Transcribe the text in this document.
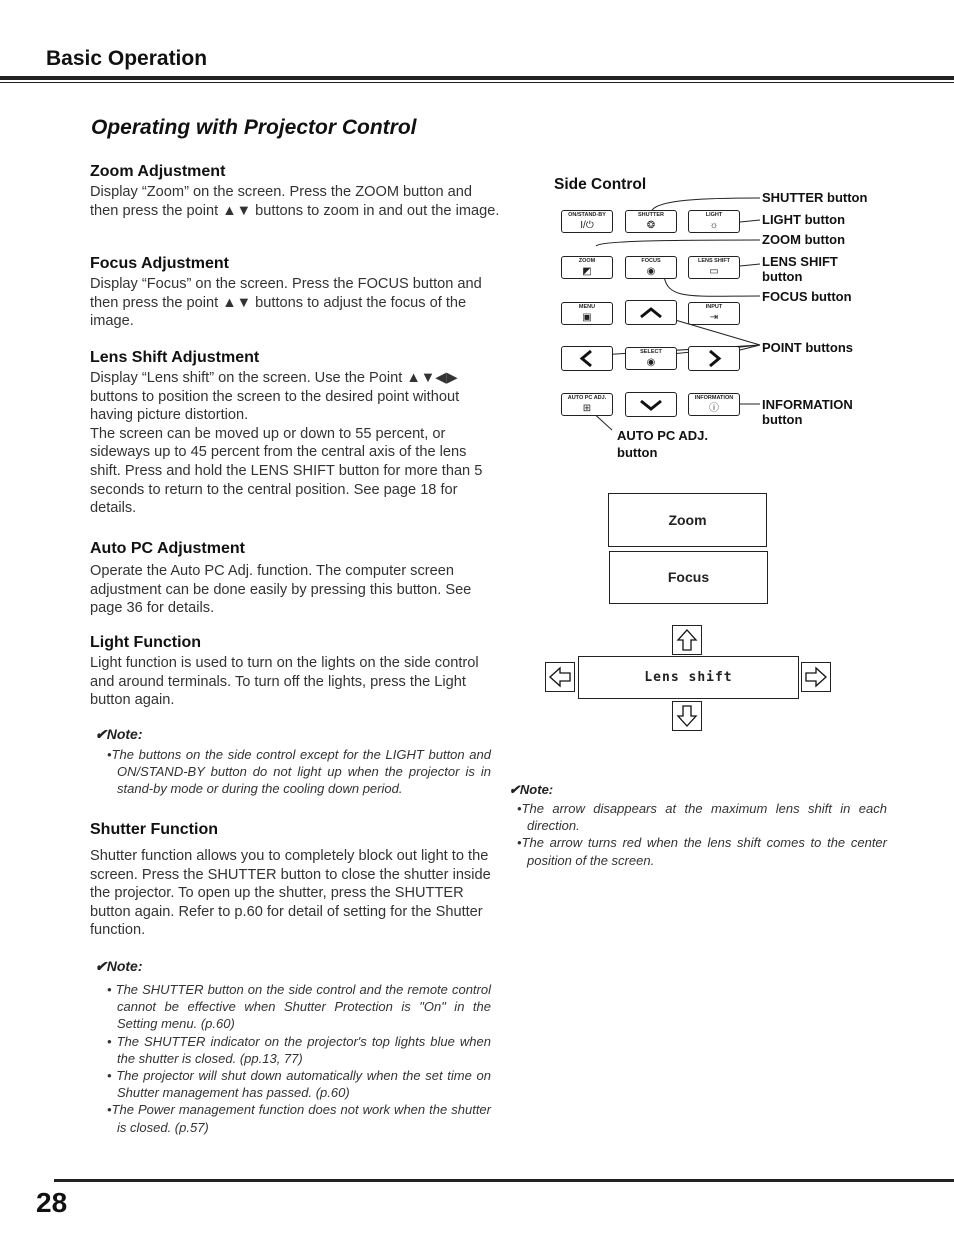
Basic Operation
Operating with Projector Control
Zoom Adjustment

Display “Zoom” on the screen. Press the ZOOM button and then press the point ▲▼ buttons to zoom in and out the image.

Focus Adjustment

Display “Focus” on the screen. Press the FOCUS button and then press the point ▲▼ buttons to adjust the focus of the image.

Lens Shift Adjustment

Display “Lens shift” on the screen. Use the Point ▲▼◀▶ buttons to position the screen to the desired point without having picture distortion.

The screen can be moved up or down to 55 percent, or sideways up to 45 percent from the central axis of the lens shift. Press and hold the LENS SHIFT button for more than 5 seconds to return to the central position. See page 18 for details.

Auto PC Adjustment

Operate the Auto PC Adj. function. The computer screen adjustment can be done easily by pressing this button. See page 36 for details.

Light Function

Light function is used to turn on the lights on the side control and around terminals. To turn off the lights, press the Light button again.

✔Note:
•The buttons on the side control except for the LIGHT button and ON/STAND-BY button do not light up when the projector is in stand-by mode or during the cooling down period.
Shutter Function

Shutter function allows you to completely block out light to the screen. Press the SHUTTER button to close the shutter inside the projector. To open up the shutter, press the SHUTTER button again. Refer to p.60 for detail of setting for the Shutter function.

✔Note:
• The SHUTTER button on the side control and the remote control cannot be effective when Shutter Protection is "On" in the Setting menu. (p.60)
• The SHUTTER indicator on the projector's top lights blue when the shutter is closed. (pp.13, 77)
• The projector will shut down automatically when the set time on Shutter management has passed. (p.60)
•The Power management function does not work when the shutter is closed. (p.57)
Side Control
ON/STAND-BY
I/⏻
SHUTTER
❂
LIGHT
☼
ZOOM
◩
FOCUS
◉
LENS SHIFT
▭
MENU
▣
INPUT
⇥
SELECT
◉
AUTO PC ADJ.
⊞
INFORMATION
ⓘ
SHUTTER button
LIGHT button
ZOOM button
LENS SHIFT
button
FOCUS button
POINT buttons
INFORMATION
button
AUTO PC ADJ.
button
Zoom
Focus
Lens shift
✔Note:
•The arrow disappears at the maximum lens shift in each direction.
•The arrow turns red when the lens shift comes to the center position of the screen.
28
